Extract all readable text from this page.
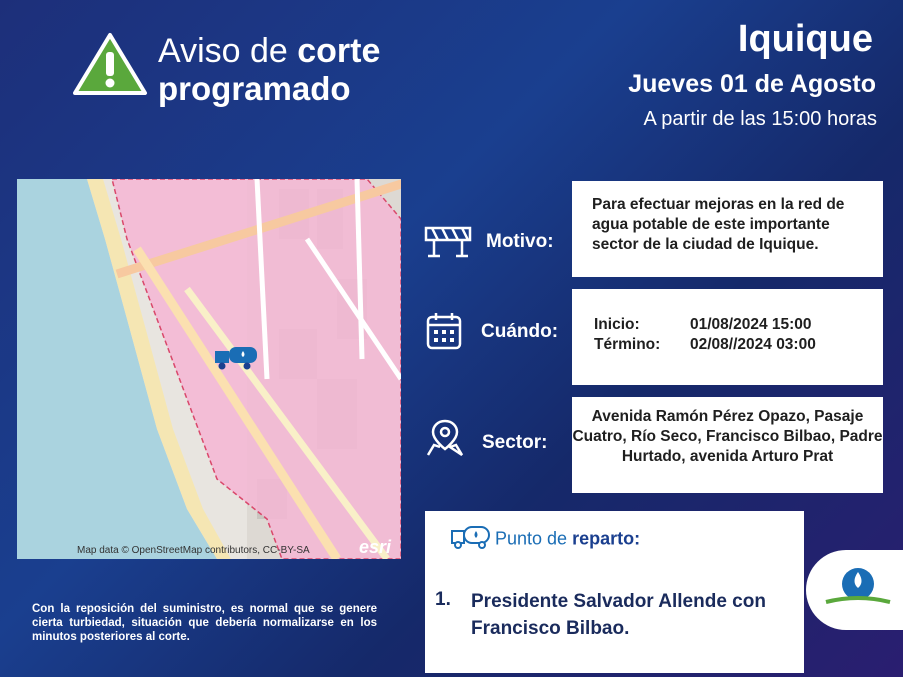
Aviso de corte
programado
Iquique
Jueves 01 de Agosto
A partir de las 15:00 horas
Map data © OpenStreetMap contributors, CC-BY-SA	esri
Motivo:
Para efectuar mejoras en la red de agua potable de este importante sector de la ciudad de Iquique.
Cuándo: Inicio:	01/08/2024 15:00
Término: 02/08//2024 03:00
Sector:
Avenida Ramón Pérez Opazo, Pasaje Cuatro, Río Seco, Francisco Bilbao, Padre Hurtado, avenida Arturo Prat
Punto de reparto:
1. Presidente Salvador Allende con Francisco Bilbao.
Con la reposición del suministro, es normal que se genere cierta turbiedad, situación que debería normalizarse en los minutos posteriores al corte.
